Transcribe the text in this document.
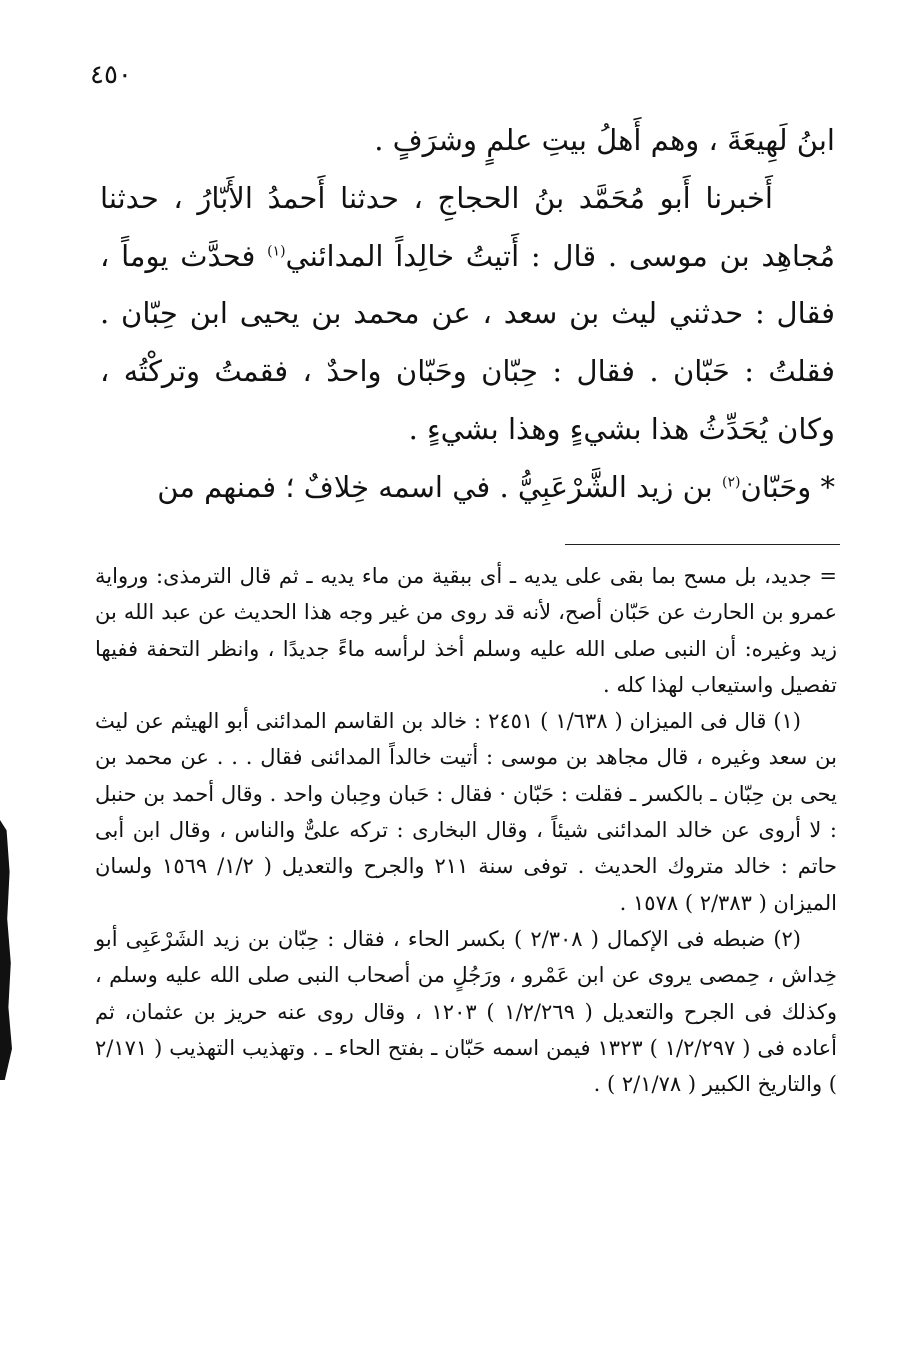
٤٥٠

ابنُ لَهِيعَةَ ، وهم أَهلُ بيتِ علمٍ وشرَفٍ .

أَخبرنا أَبو مُحَمَّد بنُ الحجاجِ ، حدثنا أَحمدُ الأَبّارُ ، حدثنا مُجاهِد بن موسى . قال : أَتيتُ خالِداً المدائني$^{(١)}$ فحدَّث يوماً ، فقال : حدثني ليث بن سعد ، عن محمد بن يحيى ابن حِبّان . فقلتُ : حَبّان . فقال : حِبّان وحَبّان واحدٌ ، فقمتُ وتركْتُه ، وكان يُحَدِّثُ هذا بشيءٍ وهذا بشيءٍ .

* وحَبّان$^{(٢)}$ بن زيد الشَّرْعَبِيُّ . في اسمه خِلافٌ ؛ فمنهم من

= جديد، بل مسح بما بقى على يديه ـ أى ببقية من ماء يديه ـ ثم قال الترمذى: ورواية عمرو بن الحارث عن حَبّان أصح، لأنه قد روى من غير وجه هذا الحديث عن عبد الله بن زيد وغيره: أن النبى صلى الله عليه وسلم أخذ لرأسه ماءً جديدًا ، وانظر التحفة ففيها تفصيل واستيعاب لهذا كله .

(١) قال فى الميزان ( ١/٦٣٨ ) ٢٤٥١ : خالد بن القاسم المدائنى أبو الهيثم عن ليث بن سعد وغيره ، قال مجاهد بن موسى : أتيت خالداً المدائنى فقال . . . عن محمد بن يحى بن حِبّان ـ بالكسر ـ فقلت : حَبّان · فقال : حَبان وحِبان واحد . وقال أحمد بن حنبل : لا أروى عن خالد المدائنى شيئاً ، وقال البخارى : تركه علىٌّ والناس ، وقال ابن أبى حاتم : خالد متروك الحديث . توفى سنة ٢١١ والجرح والتعديل ( ١/٢/ ١٥٦٩ ولسان الميزان ( ٢/٣٨٣ ) ١٥٧٨ .

(٢) ضبطه فى الإكمال ( ٢/٣٠٨ ) بكسر الحاء ، فقال : حِبّان بن زيد الشَرْعَبِى أبو خِداش ، حِمصى يروى عن ابن عَمْرو ، ورَجُلٍ من أصحاب النبى صلى الله عليه وسلم ، وكذلك فى الجرح والتعديل ( ١/٢/٢٦٩ ) ١٢٠٣ ، وقال روى عنه حريز بن عثمان، ثم أعاده فى ( ١/٢/٢٩٧ ) ١٣٢٣ فيمن اسمه حَبّان ـ بفتح الحاء ـ . وتهذيب التهذيب ( ٢/١٧١ ) والتاريخ الكبير ( ٢/١/٧٨ ) .
